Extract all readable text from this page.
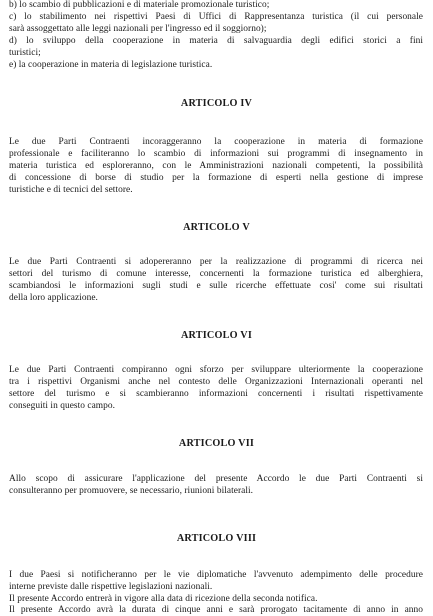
b) lo scambio di pubblicazioni e di materiale promozionale turistico;
c) lo stabilimento nei rispettivi Paesi di Uffici di Rappresentanza turistica (il cui personale
sarà assoggettato alle leggi nazionali per l'ingresso ed il soggiorno);
d) lo sviluppo della cooperazione in materia di salvaguardia degli edifici storici a fini
turistici;
e) la cooperazione in materia di legislazione turistica.
ARTICOLO IV
Le due Parti Contraenti incoraggeranno la cooperazione in materia di formazione
professionale e faciliteranno lo scambio di informazioni sui programmi di insegnamento in
materia turistica ed esploreranno, con le Amministrazioni nazionali competenti, la possibilità
di concessione di borse di studio per la formazione di esperti nella gestione di imprese
turistiche e di tecnici del settore.
ARTICOLO V
Le due Parti Contraenti si adopereranno per la realizzazione di programmi di ricerca nei
settori del turismo di comune interesse, concernenti la formazione turistica ed alberghiera,
scambiandosi le informazioni sugli studi e sulle ricerche effettuate cosi' come sui risultati
della loro applicazione.
ARTICOLO VI
Le due Parti Contraenti compiranno ogni sforzo per sviluppare ulteriormente la cooperazione
tra i rispettivi Organismi anche nel contesto delle Organizzazioni Internazionali operanti nel
settore del turismo e si scambieranno informazioni concernenti i risultati rispettivamente
conseguiti in questo campo.
ARTICOLO VII
Allo scopo di assicurare l'applicazione del presente Accordo le due Parti Contraenti si
consulteranno per promuovere, se necessario, riunioni bilaterali.
ARTICOLO VIII
I due Paesi si notificheranno per le vie diplomatiche l'avvenuto adempimento delle procedure
interne previste dalle rispettive legislazioni nazionali.
Il presente Accordo entrerà in vigore alla data di ricezione della seconda notifica.
Il presente Accordo avrà la durata di cinque anni e sarà prorogato tacitamente di anno in anno
